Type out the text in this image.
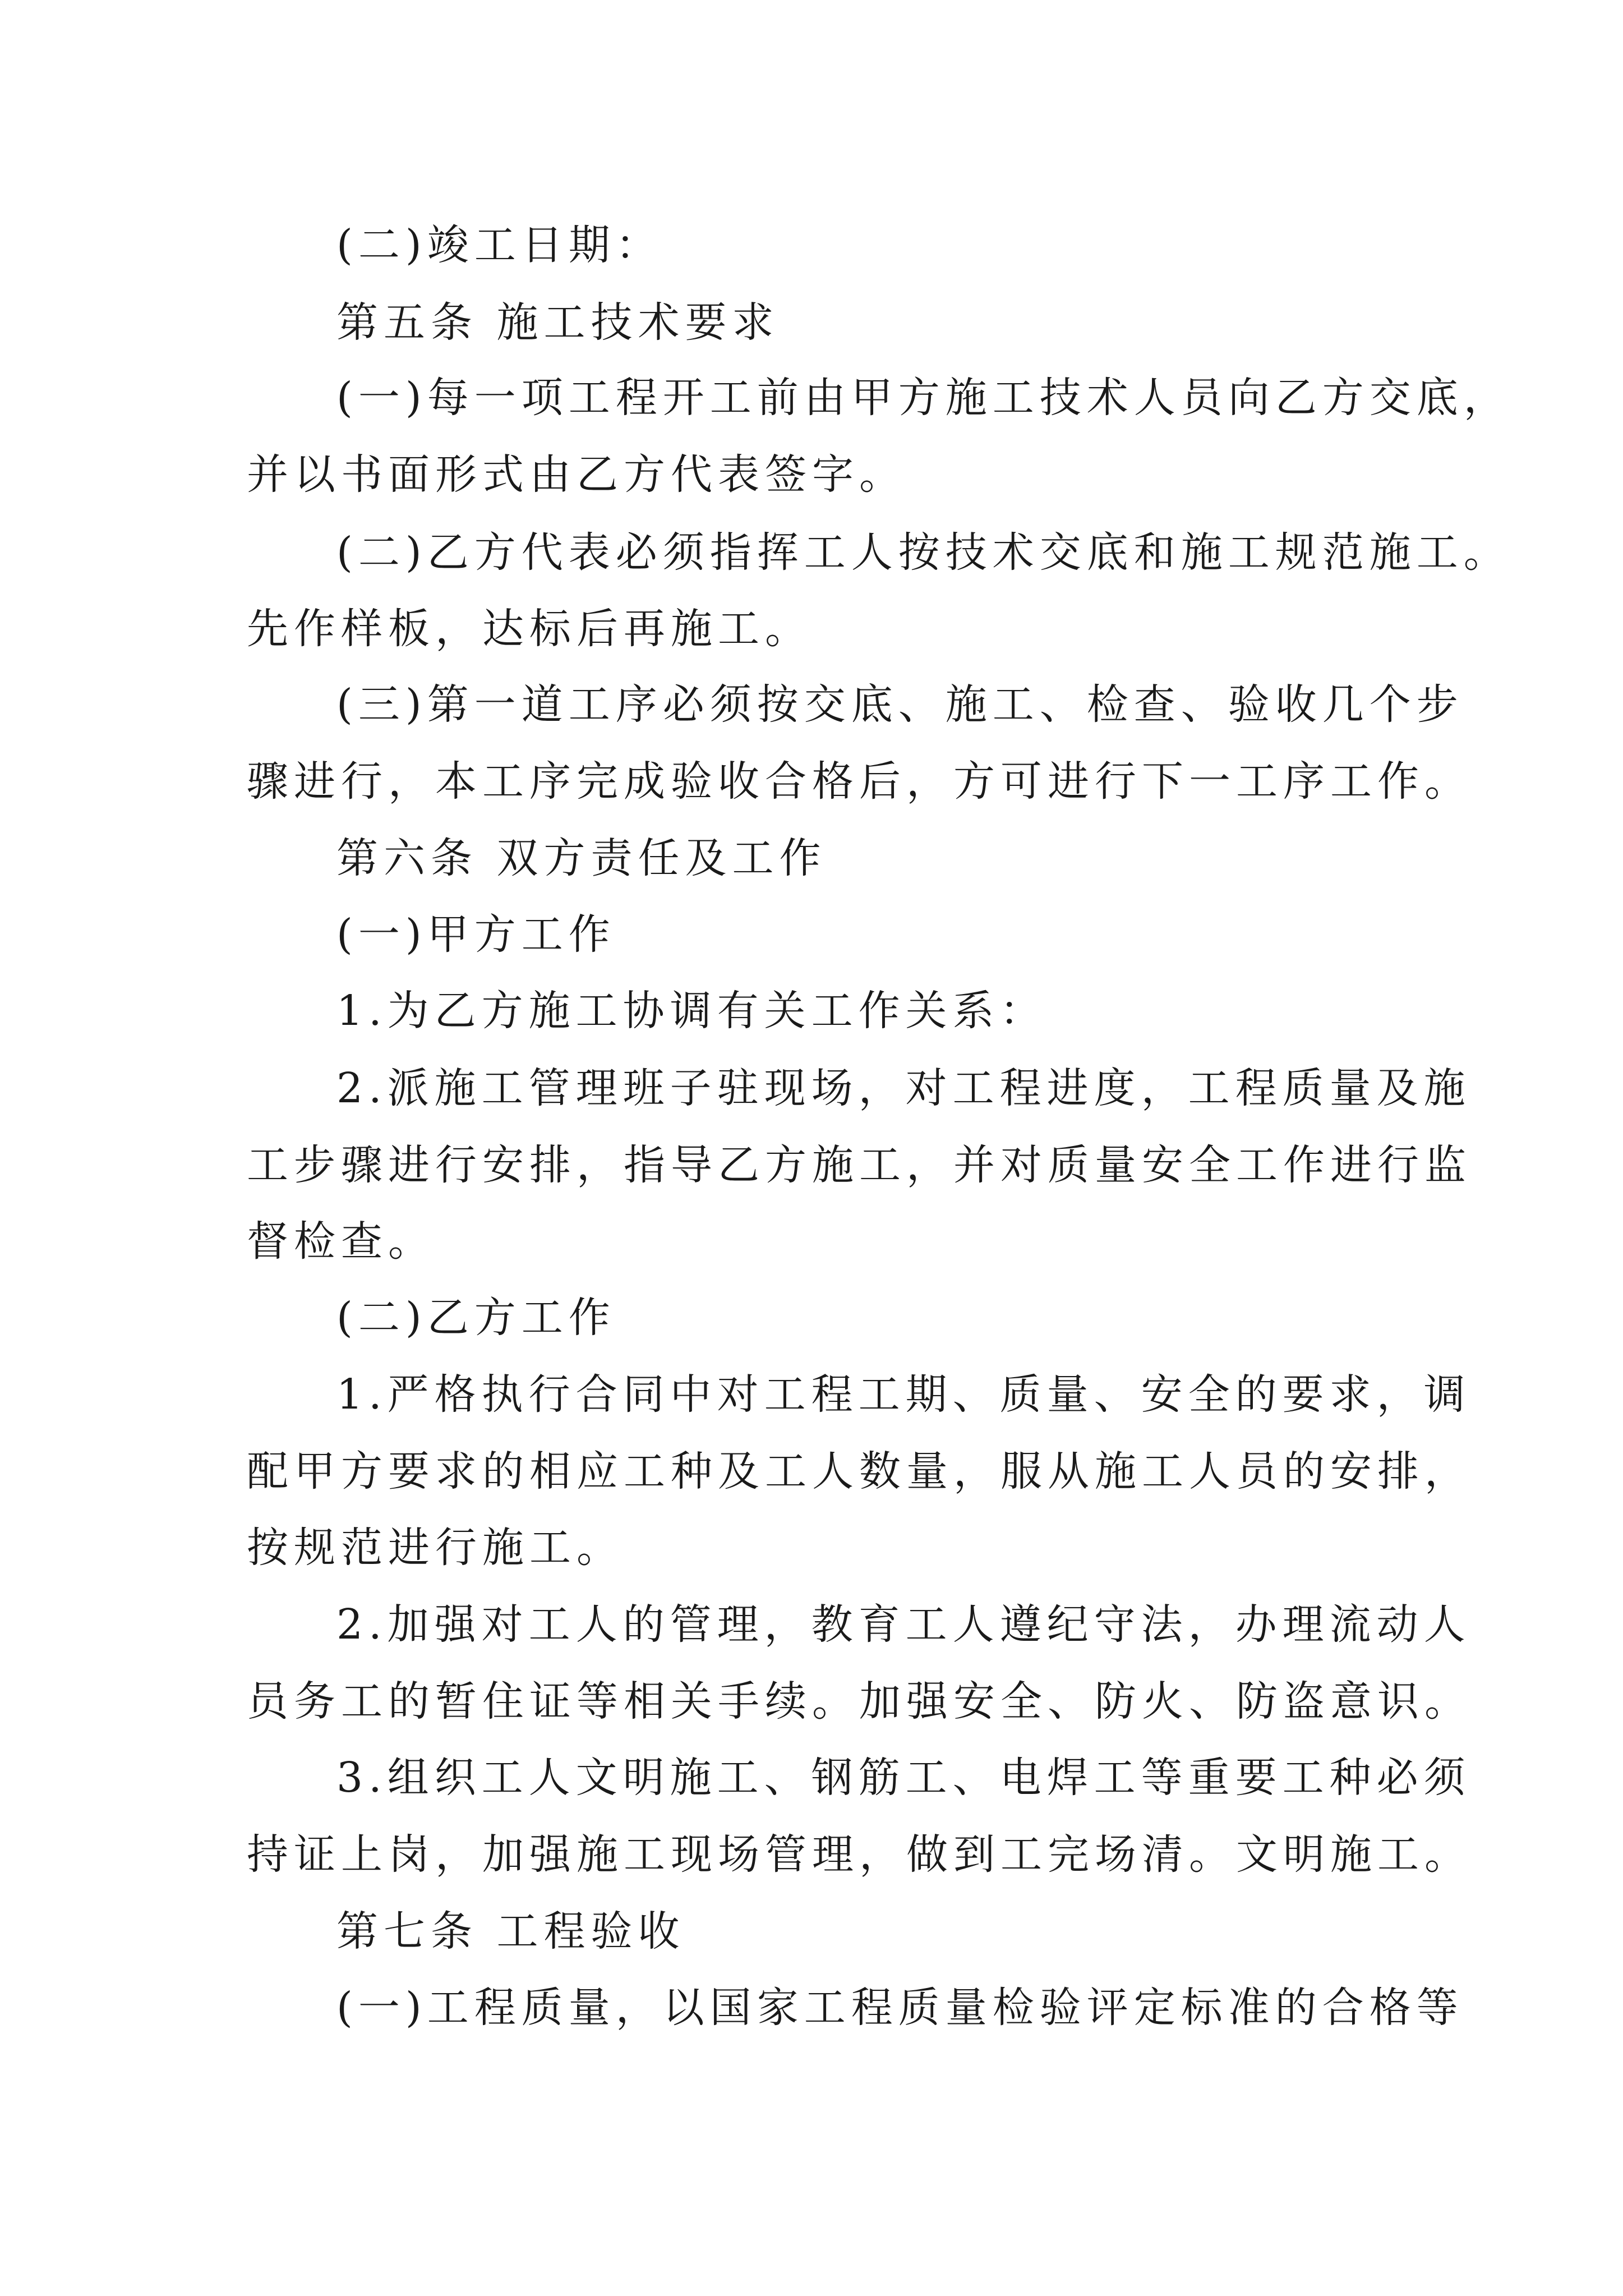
(二)竣工日期：
第五条 施工技术要求
(一)每一项工程开工前由甲方施工技术人员向乙方交底，
并以书面形式由乙方代表签字。
(二)乙方代表必须指挥工人按技术交底和施工规范施工。
先作样板，达标后再施工。
(三)第一道工序必须按交底、施工、检查、验收几个步
骤进行，本工序完成验收合格后，方可进行下一工序工作。
第六条 双方责任及工作
(一)甲方工作
1.为乙方施工协调有关工作关系：
2.派施工管理班子驻现场，对工程进度，工程质量及施
工步骤进行安排，指导乙方施工，并对质量安全工作进行监
督检查。
(二)乙方工作
1.严格执行合同中对工程工期、质量、安全的要求，调
配甲方要求的相应工种及工人数量，服从施工人员的安排，
按规范进行施工。
2.加强对工人的管理，教育工人遵纪守法，办理流动人
员务工的暂住证等相关手续。加强安全、防火、防盗意识。
3.组织工人文明施工、钢筋工、电焊工等重要工种必须
持证上岗，加强施工现场管理，做到工完场清。文明施工。
第七条 工程验收
(一)工程质量，以国家工程质量检验评定标准的合格等
